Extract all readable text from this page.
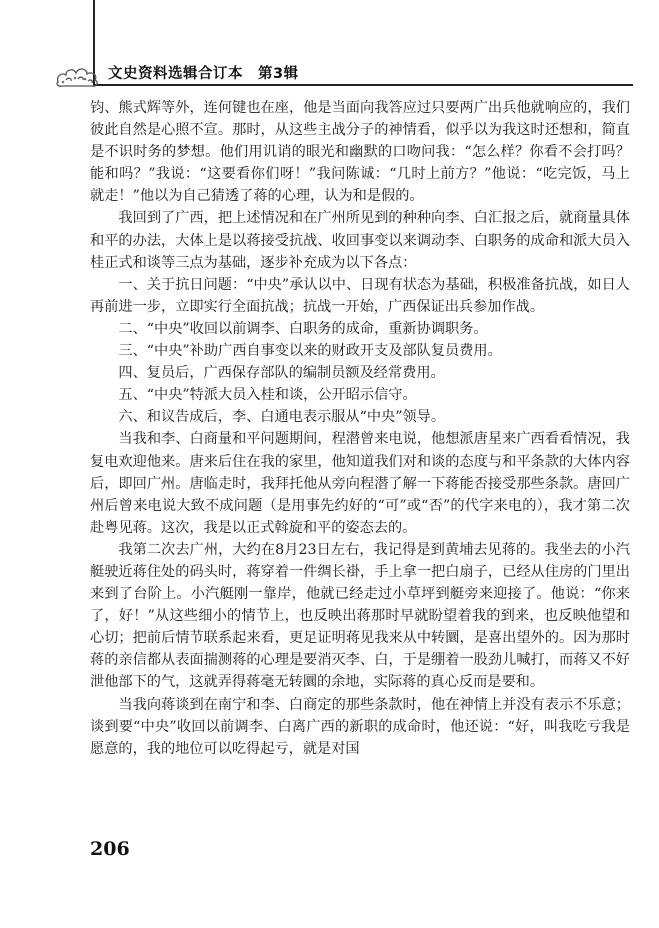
文史资料选辑合订本　第3辑

钧、熊式辉等外，连何键也在座，他是当面向我答应过只要两广出兵他就响应的，我们彼此自然是心照不宣。那时，从这些主战分子的神情看，似乎以为我这时还想和，简直是不识时务的梦想。他们用讥诮的眼光和幽默的口吻问我：“怎么样？你看不会打吗？能和吗？”我说：“这要看你们呀！”我问陈诚：“几时上前方？”他说：“吃完饭，马上就走！”他以为自己猜透了蒋的心理，认为和是假的。

我回到了广西，把上述情况和在广州所见到的种种向李、白汇报之后，就商量具体和平的办法，大体上是以蒋接受抗战、收回事变以来调动李、白职务的成命和派大员入桂正式和谈等三点为基础，逐步补充成为以下各点：

一、关于抗日问题：“中央”承认以中、日现有状态为基础，积极准备抗战，如日人再前进一步，立即实行全面抗战；抗战一开始，广西保证出兵参加作战。

二、“中央”收回以前调李、白职务的成命，重新协调职务。

三、“中央”补助广西自事变以来的财政开支及部队复员费用。

四、复员后，广西保存部队的编制员额及经常费用。

五、“中央”特派大员入桂和谈，公开昭示信守。

六、和议告成后，李、白通电表示服从“中央”领导。

当我和李、白商量和平问题期间，程潜曾来电说，他想派唐星来广西看看情况，我复电欢迎他来。唐来后住在我的家里，他知道我们对和谈的态度与和平条款的大体内容后，即回广州。唐临走时，我拜托他从旁向程潜了解一下蒋能否接受那些条款。唐回广州后曾来电说大致不成问题（是用事先约好的“可”或“否”的代字来电的），我才第二次赴粤见蒋。这次，我是以正式斡旋和平的姿态去的。

我第二次去广州，大约在8月23日左右，我记得是到黄埔去见蒋的。我坐去的小汽艇驶近蒋住处的码头时，蒋穿着一件绸长褂，手上拿一把白扇子，已经从住房的门里出来到了台阶上。小汽艇刚一靠岸，他就已经走过小草坪到艇旁来迎接了。他说：“你来了，好！”从这些细小的情节上，也反映出蒋那时早就盼望着我的到来，也反映他望和心切；把前后情节联系起来看，更足证明蒋见我来从中转圜，是喜出望外的。因为那时蒋的亲信都从表面揣测蒋的心理是要消灭李、白，于是绷着一股劲儿喊打，而蒋又不好泄他部下的气，这就弄得蒋毫无转圜的余地，实际蒋的真心反而是要和。

当我向蒋谈到在南宁和李、白商定的那些条款时，他在神情上并没有表示不乐意；谈到要“中央”收回以前调李、白离广西的新职的成命时，他还说：“好，叫我吃亏我是愿意的，我的地位可以吃得起亏，就是对国

206
